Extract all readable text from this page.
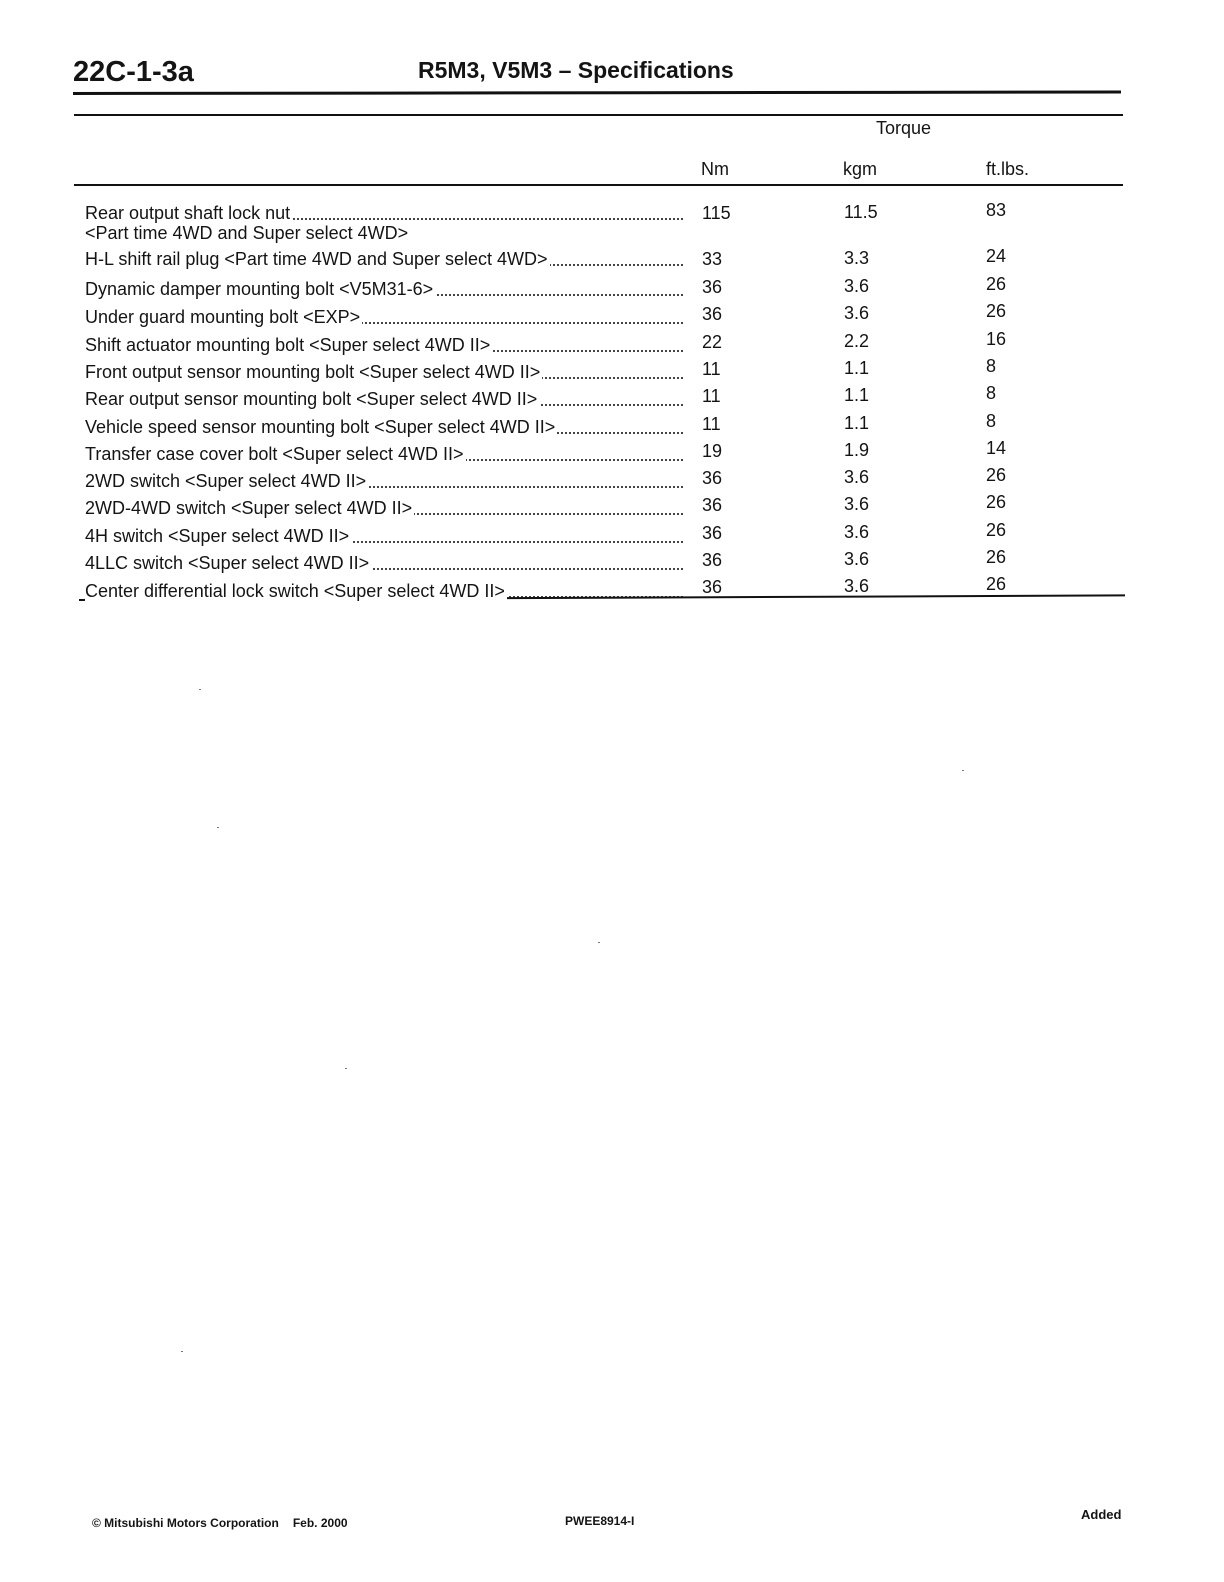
22C-1-3a	R5M3, V5M3 – Specifications
Torque
Nm	kgm	ft.lbs.
Rear output shaft lock nut
<Part time 4WD and Super select 4WD>
115	11.5	83
H-L shift rail plug <Part time 4WD and Super select 4WD>	33	3.3	24
Dynamic damper mounting bolt <V5M31-6>	36	3.6	26
Under guard mounting bolt <EXP>	36	3.6	26
Shift actuator mounting bolt <Super select 4WD II>	22	2.2	16
Front output sensor mounting bolt <Super select 4WD II>	11	1.1	8
Rear output sensor mounting bolt <Super select 4WD II>	11	1.1	8
Vehicle speed sensor mounting bolt <Super select 4WD II>	11	1.1	8
Transfer case cover bolt <Super select 4WD II>	19	1.9	14
2WD switch <Super select 4WD II>	36	3.6	26
2WD-4WD switch <Super select 4WD II>	36	3.6	26
4H switch <Super select 4WD II>	36	3.6	26
4LLC switch <Super select 4WD II>	36	3.6	26
Center differential lock switch <Super select 4WD II>	36	3.6	26
© Mitsubishi Motors Corporation Feb. 2000	PWEE8914-I	Added
